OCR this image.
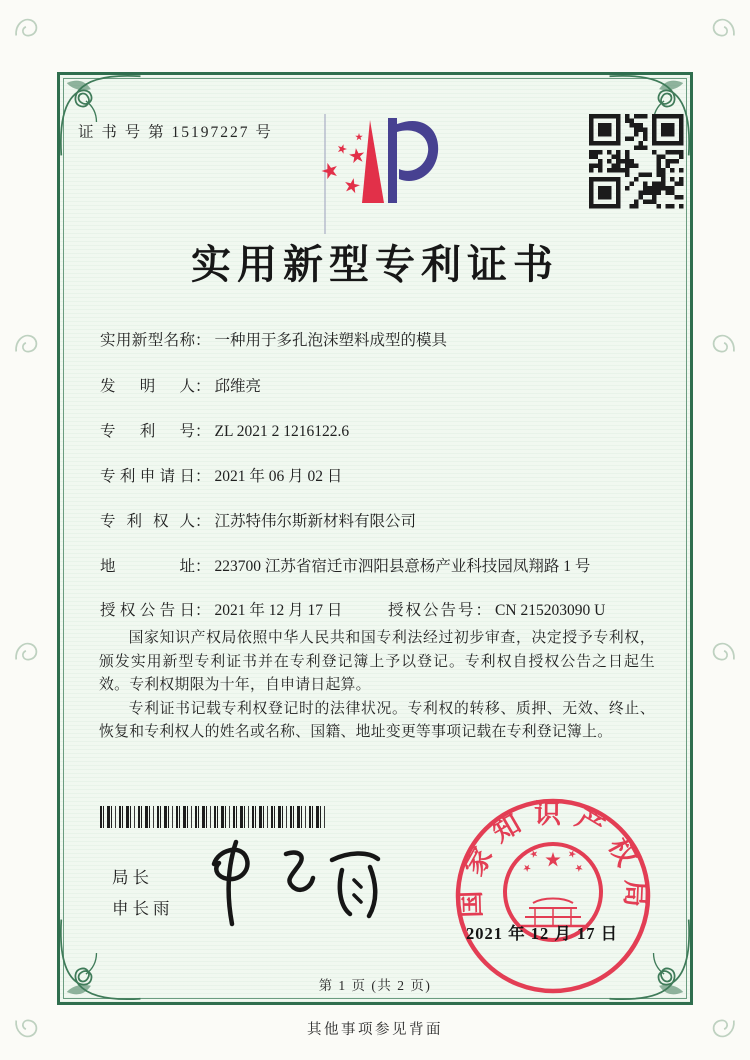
证 书 号 第 15197227 号
实用新型专利证书
实用新型名称： 一种用于多孔泡沫塑料成型的模具
发明人： 邱维亮
专利号： ZL 2021 2 1216122.6
专利申请日： 2021 年 06 月 02 日
专利权人： 江苏特伟尔斯新材料有限公司
地址： 223700 江苏省宿迁市泗阳县意杨产业科技园凤翔路 1 号
授权公告日： 2021 年 12 月 17 日	授权公告号： CN 215203090 U

国家知识产权局依照中华人民共和国专利法经过初步审查，决定授予专利权，颁发实用新型专利证书并在专利登记簿上予以登记。专利权自授权公告之日起生效。专利权期限为十年，自申请日起算。

专利证书记载专利权登记时的法律状况。专利权的转移、质押、无效、终止、恢复和专利权人的姓名或名称、国籍、地址变更等事项记载在专利登记簿上。

局长
申长雨	国家知识产权局
2021 年 12 月 17 日
第 1 页 (共 2 页)
其他事项参见背面
